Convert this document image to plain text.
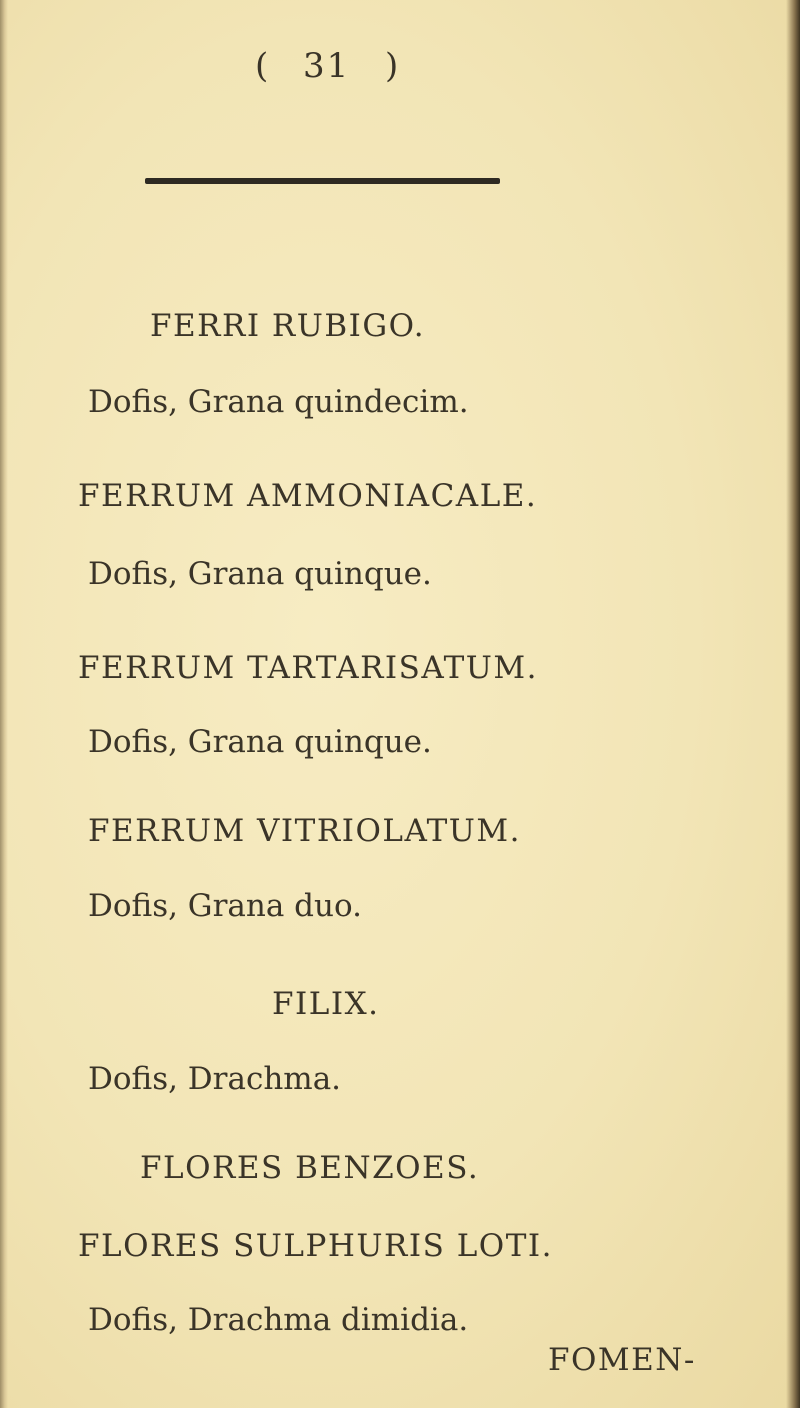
( 31 )
FERRI RUBIGO.
Dofis, Grana quindecim.
FERRUM AMMONIACALE.
Dofis, Grana quinque.
FERRUM TARTARISATUM.
Dofis, Grana quinque.
FERRUM VITRIOLATUM.
Dofis, Grana duo.
FILIX.
Dofis, Drachma.
FLORES BENZOES.
FLORES SULPHURIS LOTI.
Dofis, Drachma dimidia.
FOMEN-
